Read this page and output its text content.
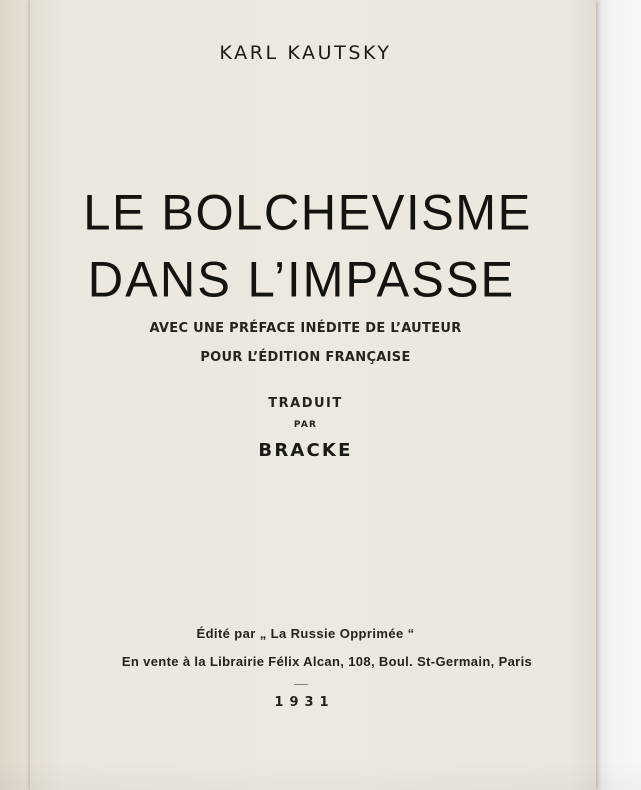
KARL KAUTSKY
LE BOLCHEVISME
DANS L’IMPASSE
AVEC UNE PRÉFACE INÉDITE DE L’AUTEUR
POUR L’ÉDITION FRANÇAISE
TRADUIT
PAR
BRACKE
Édité par „ La Russie Opprimée “
En vente à la Librairie Félix Alcan, 108, Boul. St-Germain, Paris
1931
